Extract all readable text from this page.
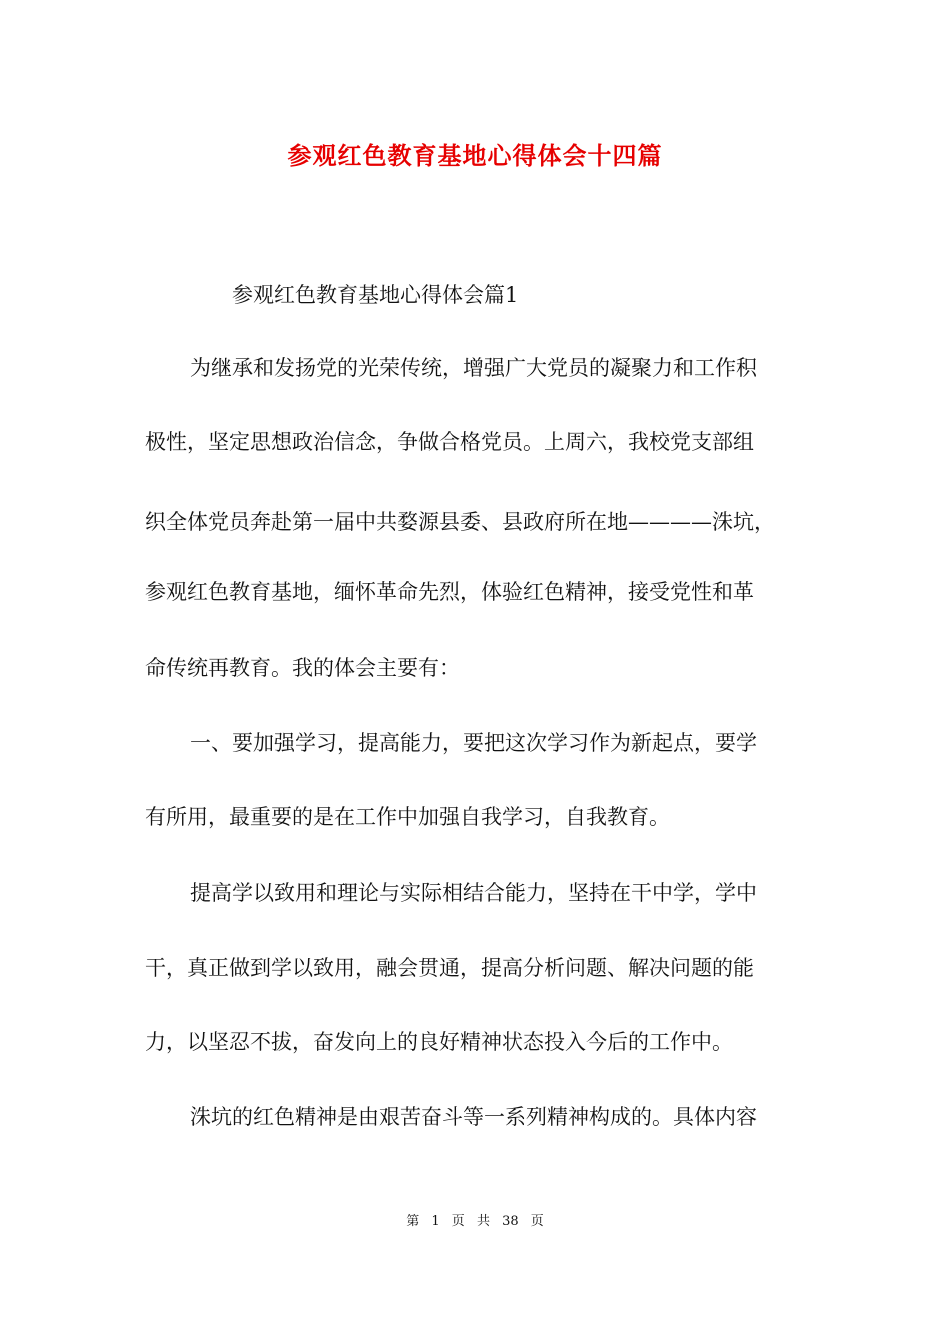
参观红色教育基地心得体会十四篇

参观红色教育基地心得体会篇1

为继承和发扬党的光荣传统，增强广大党员的凝聚力和工作积

极性，坚定思想政治信念，争做合格党员。上周六，我校党支部组

织全体党员奔赴第一届中共婺源县委、县政府所在地————洙坑，

参观红色教育基地，缅怀革命先烈，体验红色精神，接受党性和革

命传统再教育。我的体会主要有：

一、要加强学习，提高能力，要把这次学习作为新起点，要学

有所用，最重要的是在工作中加强自我学习，自我教育。

提高学以致用和理论与实际相结合能力，坚持在干中学，学中

干，真正做到学以致用，融会贯通，提高分析问题、解决问题的能

力，以坚忍不拔，奋发向上的良好精神状态投入今后的工作中。

洙坑的红色精神是由艰苦奋斗等一系列精神构成的。具体内容

第 1 页 共 38 页
